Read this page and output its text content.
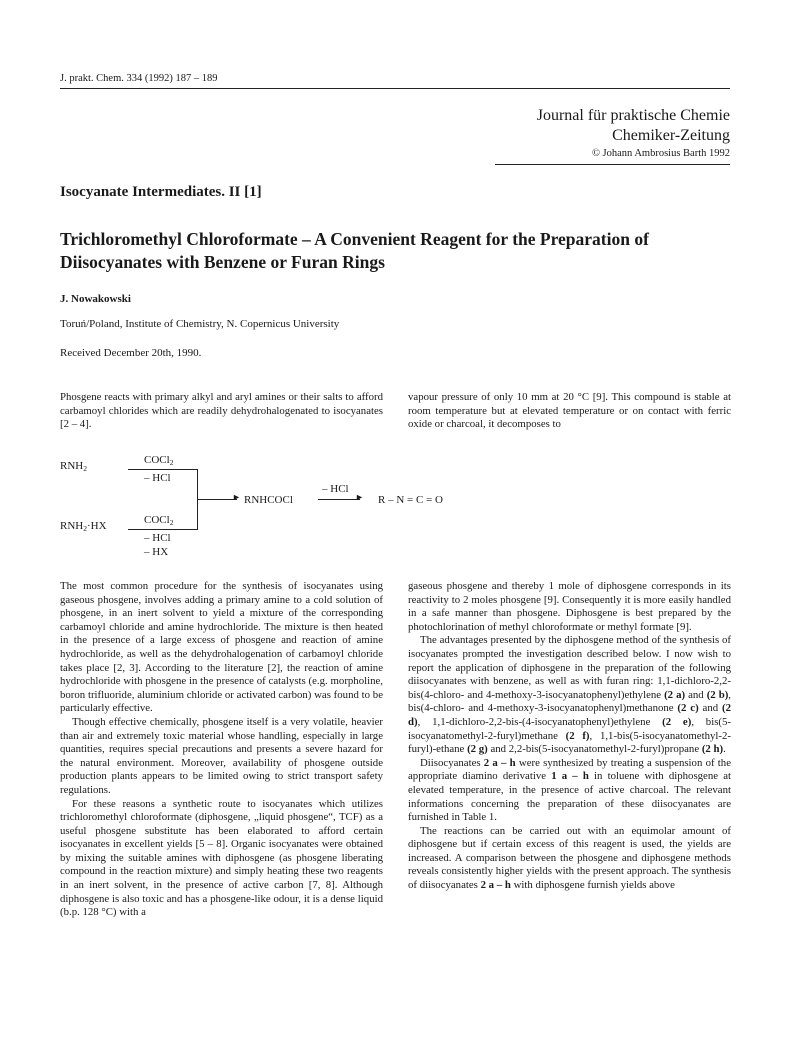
J. prakt. Chem. 334 (1992) 187 – 189
Journal für praktische Chemie
Chemiker-Zeitung
© Johann Ambrosius Barth 1992
Isocyanate Intermediates. II [1]
Trichloromethyl Chloroformate – A Convenient Reagent for the Preparation of Diisocyanates with Benzene or Furan Rings
J. Nowakowski
Toruń/Poland, Institute of Chemistry, N. Copernicus University
Received December 20th, 1990.

Phosgene reacts with primary alkyl and aryl amines or their salts to afford carbamoyl chlorides which are readily dehydrohalogenated to isocyanates [2 – 4].

vapour pressure of only 10 mm at 20 °C [9]. This compound is stable at room temperature but at elevated temperature or on contact with ferric oxide or charcoal, it decomposes to

$RNH_2$
COCl$_2$
– HCl
► RNHCOCl
– HCl
► R – N = C = O
$RNH_2\cdot HX$	COCl$_2$
– HCl
– HX

The most common procedure for the synthesis of isocyanates using gaseous phosgene, involves adding a primary amine to a cold solution of phosgene, in an inert solvent to yield a mixture of the corresponding carbamoyl chloride and amine hydrochloride. The mixture is then heated in the presence of a large excess of phosgene and reaction of amine hydrochloride, as well as the dehydrohalogenation of carbamoyl chloride takes place [2, 3]. According to the literature [2], the reaction of amine hydrochloride with phosgene in the presence of catalysts (e.g. morpholine, boron trifluoride, aluminium chloride or activated carbon) was found to be particularly effective.

Though effective chemically, phosgene itself is a very volatile, heavier than air and extremely toxic material whose handling, especially in large quantities, requires special precautions and presents a severe hazard for the natural environment. Moreover, availability of phosgene outside production plants appears to be limited owing to strict transport safety regulations.

For these reasons a synthetic route to isocyanates which utilizes trichloromethyl chloroformate (diphosgene, „liquid phosgene“, TCF) as a useful phosgene substitute has been elaborated to afford certain isocyanates in excellent yields [5 – 8]. Organic isocyanates were obtained by mixing the suitable amines with diphosgene (as phosgene liberating compound in the reaction mixture) and simply heating these two reagents in an inert solvent, in the presence of active carbon [7, 8]. Although diphosgene is also toxic and has a phosgene-like odour, it is a dense liquid (b.p. 128 °C) with a

gaseous phosgene and thereby 1 mole of diphosgene corresponds in its reactivity to 2 moles phosgene [9]. Consequently it is more easily handled in a safe manner than phosgene. Diphosgene is best prepared by the photochlorination of methyl chloroformate or methyl formate [9].

The advantages presented by the diphosgene method of the synthesis of isocyanates prompted the investigation described below. I now wish to report the application of diphosgene in the preparation of the following diisocyanates with benzene, as well as with furan ring: 1,1-dichloro-2,2-bis(4-chloro- and 4-methoxy-3-isocyanatophenyl)ethylene (2 a) and (2 b), bis(4-chloro- and 4-methoxy-3-isocyanatophenyl)methanone (2 c) and (2 d), 1,1-dichloro-2,2-bis-(4-isocyanatophenyl)ethylene (2 e), bis(5-isocyanatomethyl-2-furyl)methane (2 f), 1,1-bis(5-isocyanatomethyl-2-furyl)-ethane (2 g) and 2,2-bis(5-isocyanatomethyl-2-furyl)propane (2 h).

Diisocyanates 2 a – h were synthesized by treating a suspension of the appropriate diamino derivative 1 a – h in toluene with diphosgene at elevated temperature, in the presence of active charcoal. The relevant informations concerning the preparation of these diisocyanates are furnished in Table 1.

The reactions can be carried out with an equimolar amount of diphosgene but if certain excess of this reagent is used, the yields are increased. A comparison between the phosgene and diphosgene methods reveals consistently higher yields with the present approach. The synthesis of diisocyanates 2 a – h with diphosgene furnish yields above
